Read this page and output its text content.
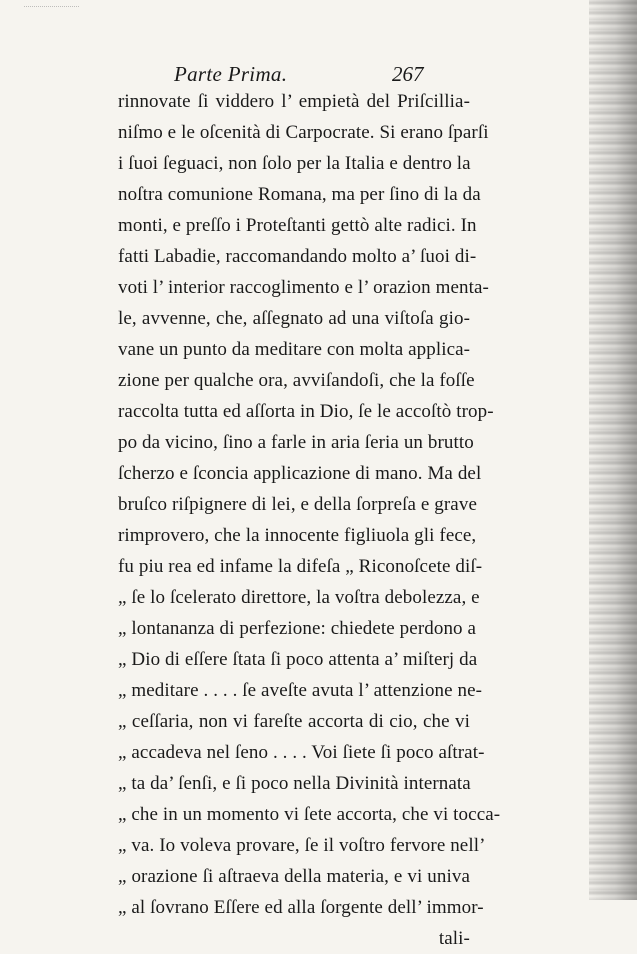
Parte Prima.	267
rinnovate ſi viddero l’ empietà del Priſcillia-
niſmo e le oſcenità di Carpocrate. Si erano ſparſi
i ſuoi ſeguaci, non ſolo per la Italia e dentro la
noſtra comunione Romana, ma per ſino di la da
monti, e preſſo i Proteſtanti gettò alte radici. In
fatti Labadie, raccomandando molto a’ ſuoi di-
voti l’ interior raccoglimento e l’ orazion menta-
le, avvenne, che, aſſegnato ad una viſtoſa gio-
vane un punto da meditare con molta applica-
zione per qualche ora, avviſandoſi, che la foſſe
raccolta tutta ed aſſorta in Dio, ſe le accoſtò trop-
po da vicino, ſino a farle in aria ſeria un brutto
ſcherzo e ſconcia applicazione di mano. Ma del
bruſco riſpignere di lei, e della ſorpreſa e grave
rimprovero, che la innocente figliuola gli fece,
fu piu rea ed infame la difeſa „ Riconoſcete diſ-
„ ſe lo ſcelerato direttore, la voſtra debolezza, e
„ lontananza di perfezione: chiedete perdono a
„ Dio di eſſere ſtata ſi poco attenta a’ miſterj da
„ meditare . . . . ſe aveſte avuta l’ attenzione ne-
„ ceſſaria, non vi fareſte accorta di cio, che vi
„ accadeva nel ſeno . . . . Voi ſiete ſi poco aſtrat-
„ ta da’ ſenſi, e ſi poco nella Divinità internata
„ che in un momento vi ſete accorta, che vi tocca-
„ va. Io voleva provare, ſe il voſtro fervore nell’
„ orazione ſi aſtraeva della materia, e vi univa
„ al ſovrano Eſſere ed alla ſorgente dell’ immor-
tali-
